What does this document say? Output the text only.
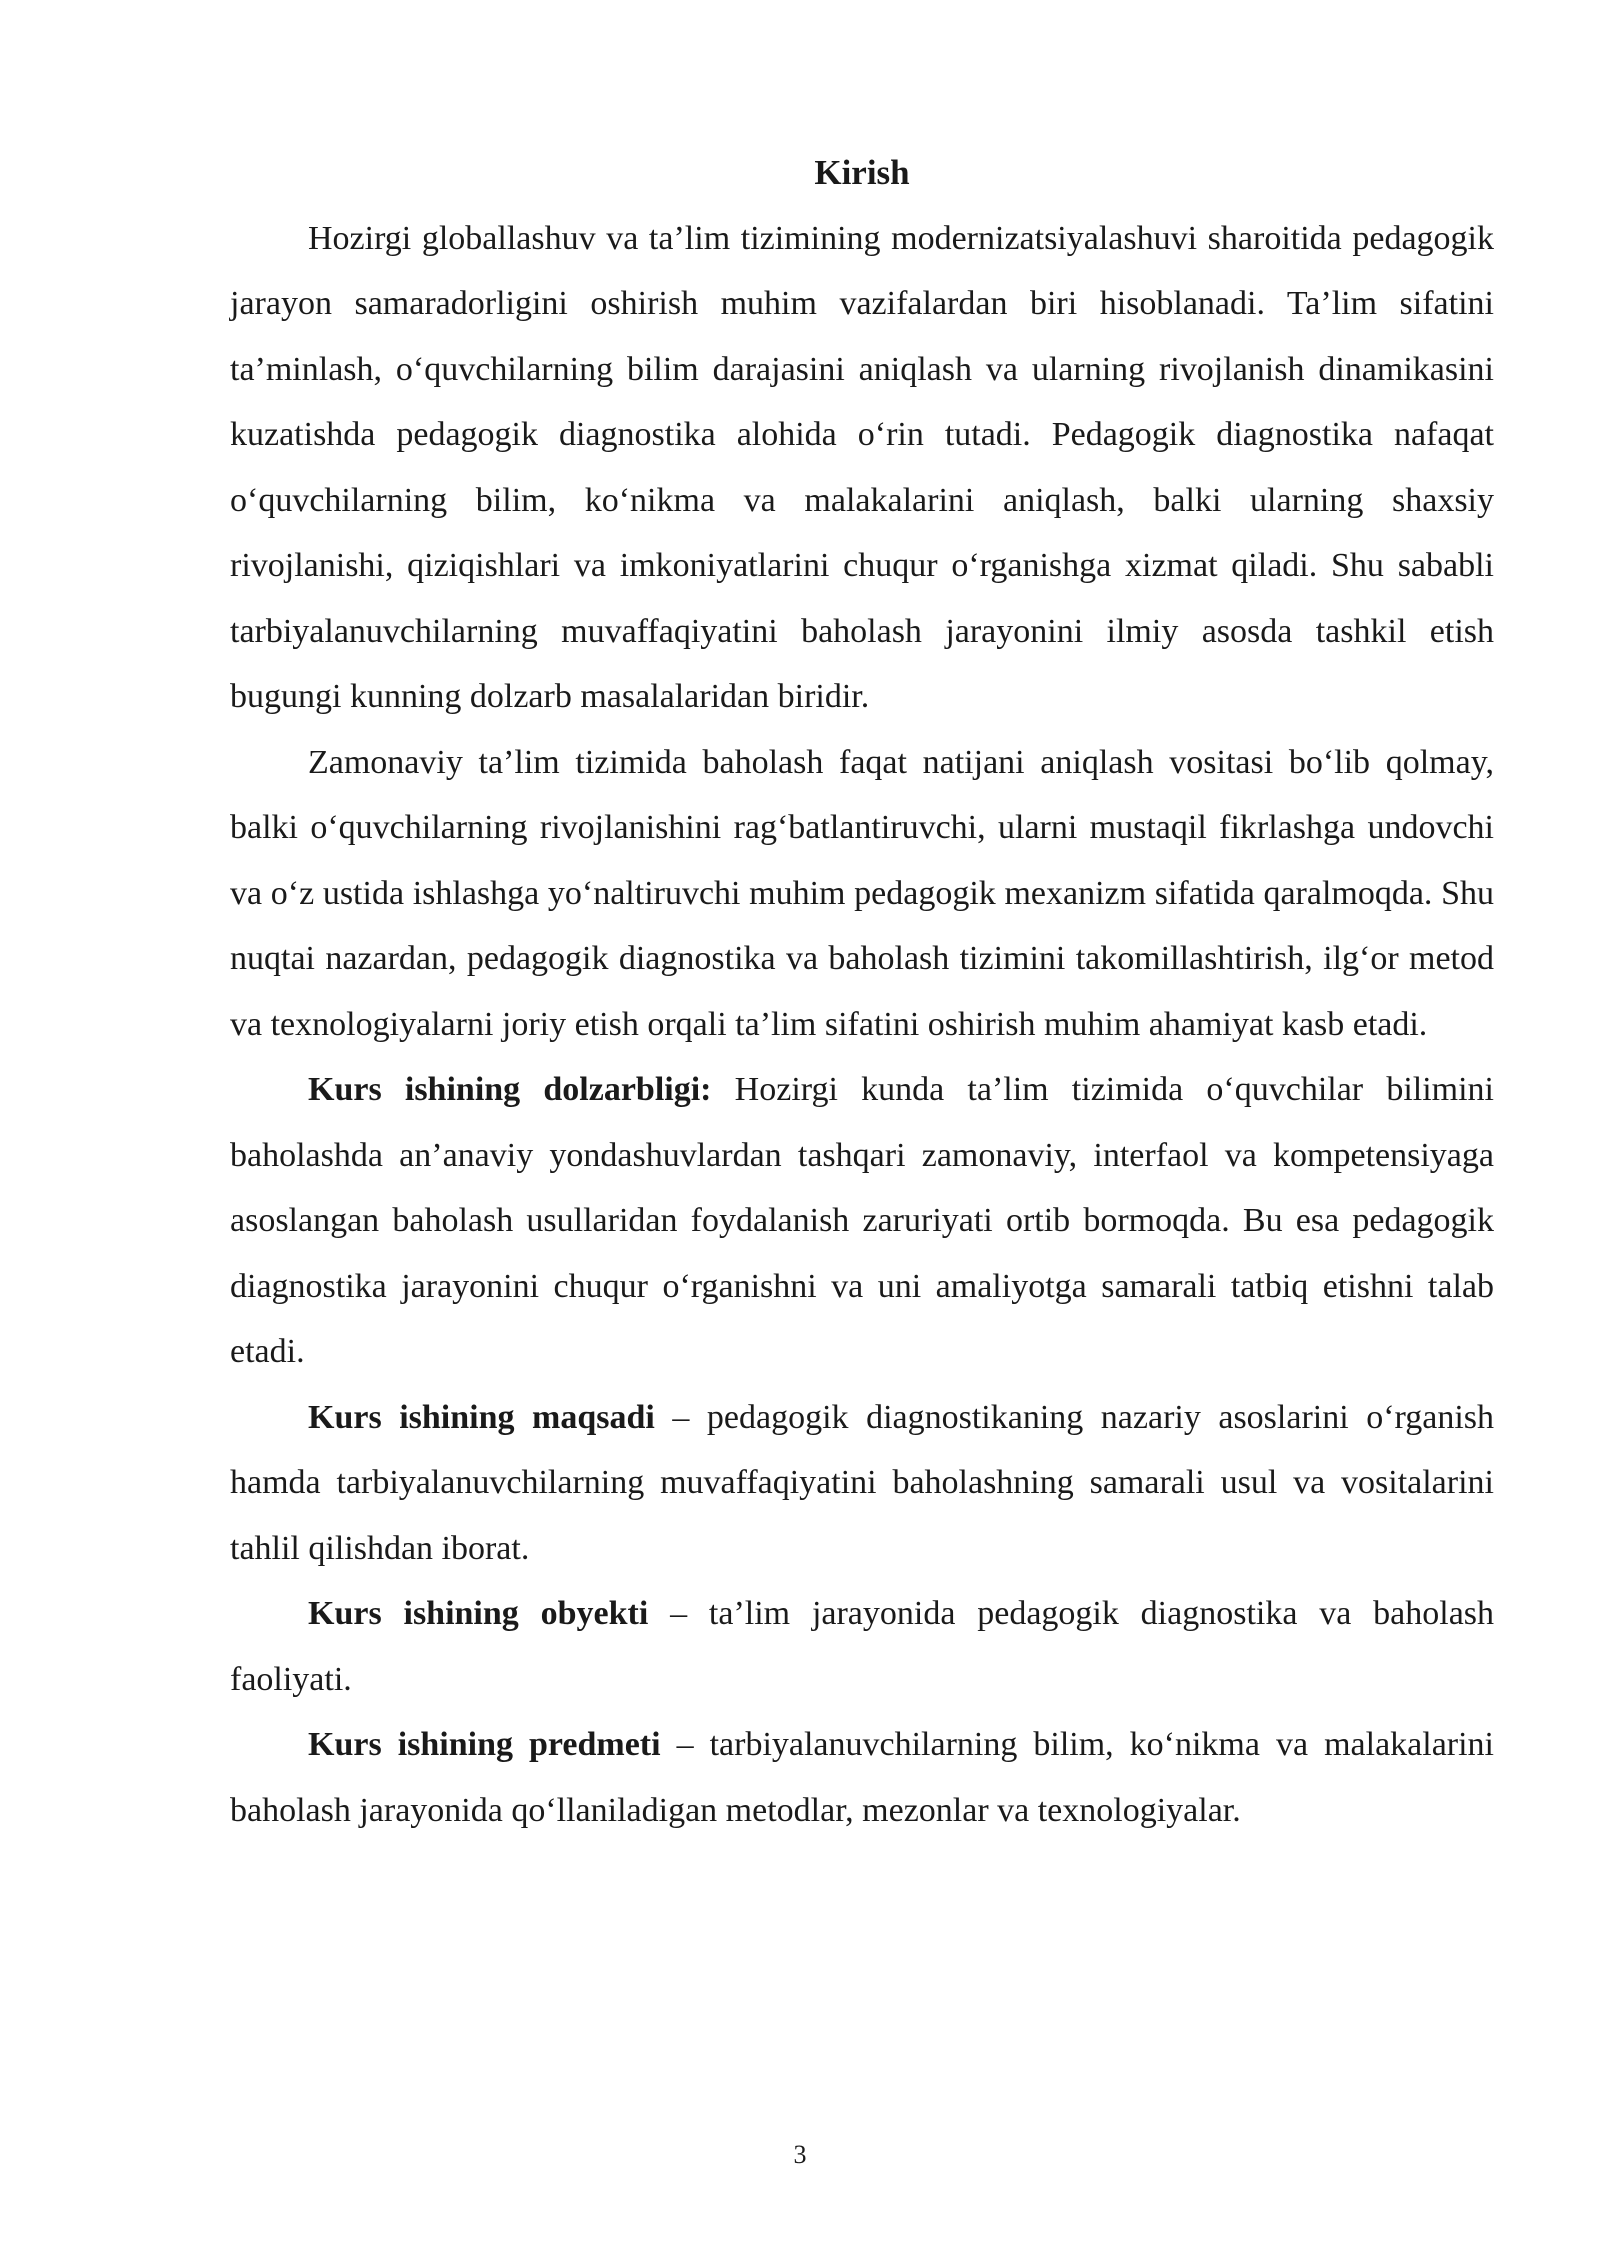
Kirish

Hozirgi globallashuv va ta’lim tizimining modernizatsiyalashuvi sharoitida pedagogik jarayon samaradorligini oshirish muhim vazifalardan biri hisoblanadi. Ta’lim sifatini ta’minlash, o‘quvchilarning bilim darajasini aniqlash va ularning rivojlanish dinamikasini kuzatishda pedagogik diagnostika alohida o‘rin tutadi. Pedagogik diagnostika nafaqat o‘quvchilarning bilim, ko‘nikma va malakalarini aniqlash, balki ularning shaxsiy rivojlanishi, qiziqishlari va imkoniyatlarini chuqur o‘rganishga xizmat qiladi. Shu sababli tarbiyalanuvchilarning muvaffaqiyatini baholash jarayonini ilmiy asosda tashkil etish bugungi kunning dolzarb masalalaridan biridir.

Zamonaviy ta’lim tizimida baholash faqat natijani aniqlash vositasi bo‘lib qolmay, balki o‘quvchilarning rivojlanishini rag‘batlantiruvchi, ularni mustaqil fikrlashga undovchi va o‘z ustida ishlashga yo‘naltiruvchi muhim pedagogik mexanizm sifatida qaralmoqda. Shu nuqtai nazardan, pedagogik diagnostika va baholash tizimini takomillashtirish, ilg‘or metod va texnologiyalarni joriy etish orqali ta’lim sifatini oshirish muhim ahamiyat kasb etadi.

Kurs ishining dolzarbligi: Hozirgi kunda ta’lim tizimida o‘quvchilar bilimini baholashda an’anaviy yondashuvlardan tashqari zamonaviy, interfaol va kompetensiyaga asoslangan baholash usullaridan foydalanish zaruriyati ortib bormoqda. Bu esa pedagogik diagnostika jarayonini chuqur o‘rganishni va uni amaliyotga samarali tatbiq etishni talab etadi.

Kurs ishining maqsadi – pedagogik diagnostikaning nazariy asoslarini o‘rganish hamda tarbiyalanuvchilarning muvaffaqiyatini baholashning samarali usul va vositalarini tahlil qilishdan iborat.

Kurs ishining obyekti – ta’lim jarayonida pedagogik diagnostika va baholash faoliyati.

Kurs ishining predmeti – tarbiyalanuvchilarning bilim, ko‘nikma va malakalarini baholash jarayonida qo‘llaniladigan metodlar, mezonlar va texnologiyalar.

3
